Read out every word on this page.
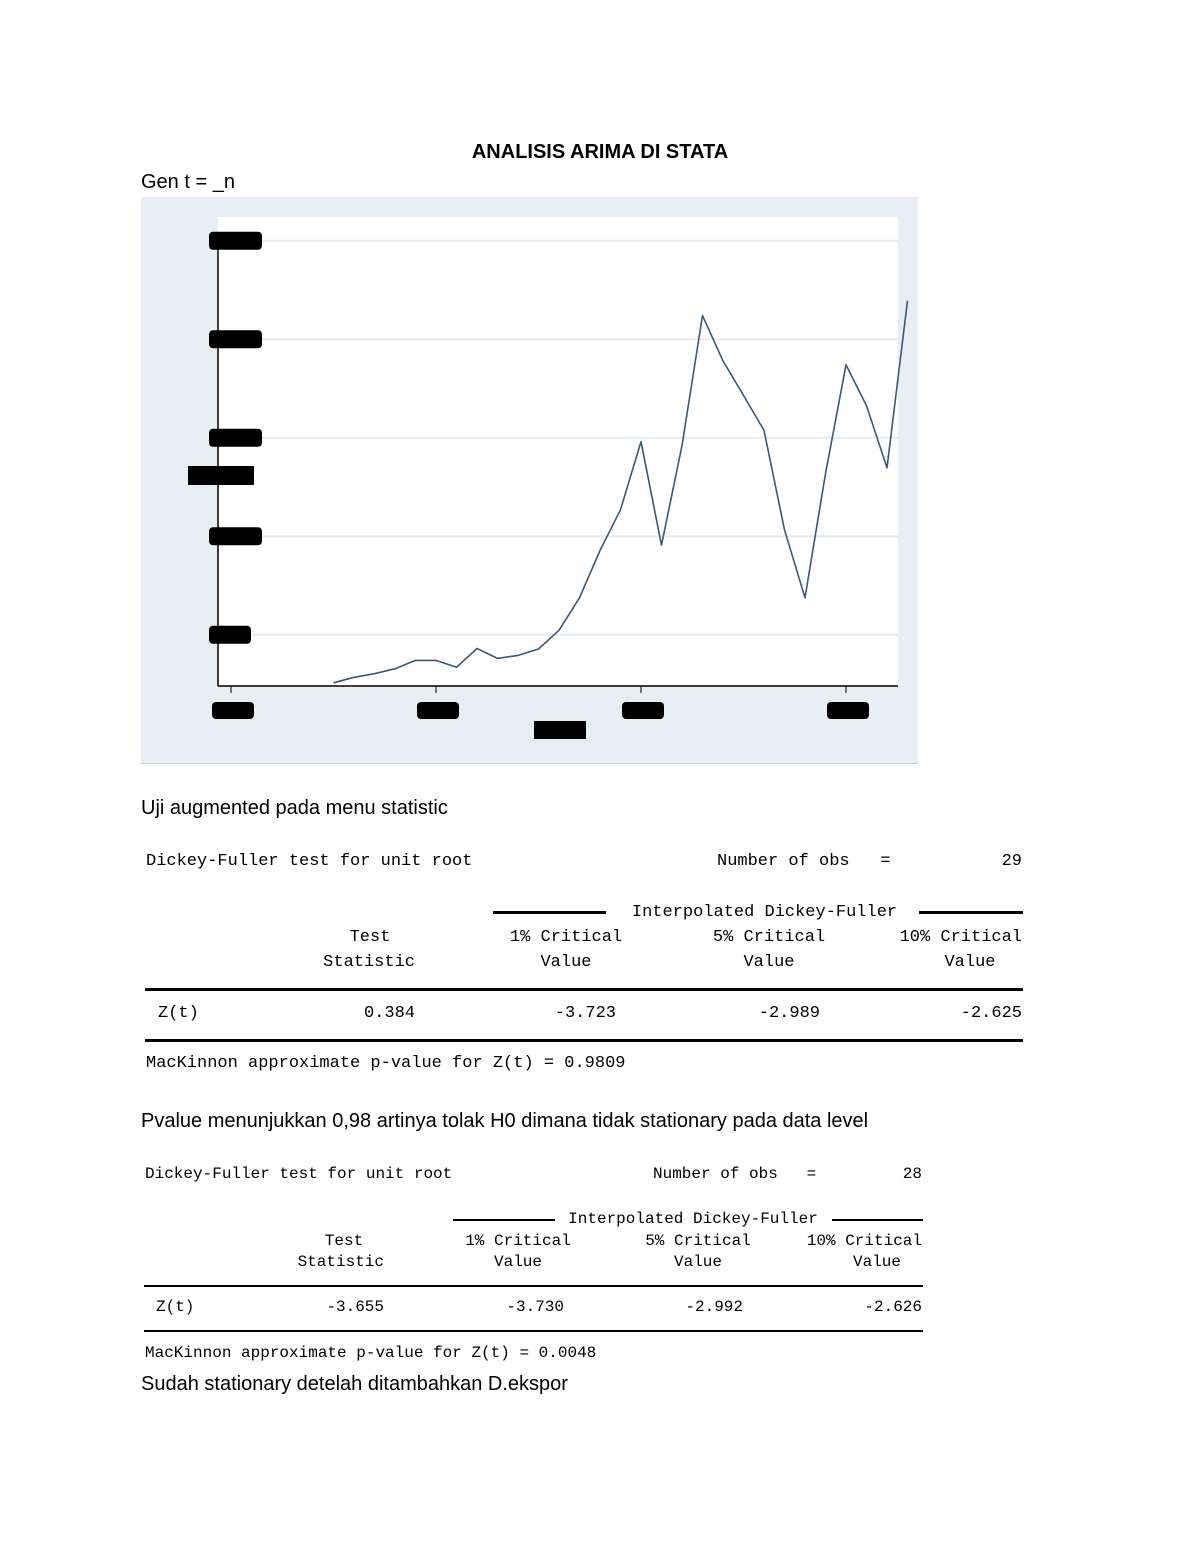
ANALISIS ARIMA DI STATA
Gen t = _n
Uji augmented pada menu statistic
Dickey-Fuller test for unit root	Number of obs   =	29
Interpolated Dickey-Fuller
Test
Statistic
1% Critical
Value
5% Critical
Value
10% Critical
Value
Z(t)	0.384	-3.723	-2.989	-2.625
MacKinnon approximate p-value for Z(t) = 0.9809
Pvalue menunjukkan 0,98 artinya tolak H0 dimana tidak stationary pada data level
Dickey-Fuller test for unit root	Number of obs   =	28
Interpolated Dickey-Fuller
Test
Statistic
1% Critical
Value
5% Critical
Value
10% Critical
Value
Z(t)	-3.655	-3.730	-2.992	-2.626
MacKinnon approximate p-value for Z(t) = 0.0048
Sudah stationary detelah ditambahkan D.ekspor
